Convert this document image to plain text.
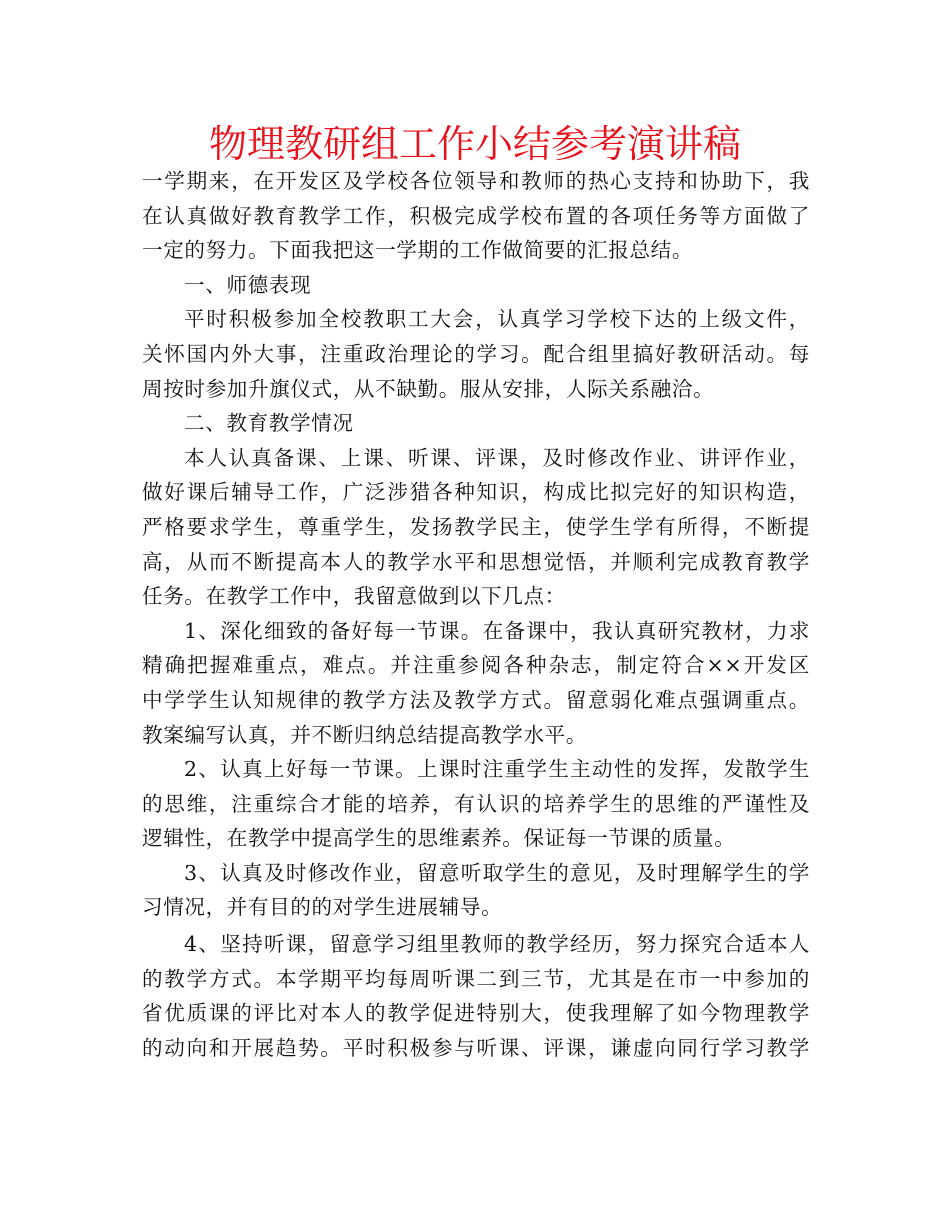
物理教研组工作小结参考演讲稿
一学期来，在开发区及学校各位领导和教师的热心支持和协助下，我
在认真做好教育教学工作，积极完成学校布置的各项任务等方面做了
一定的努力。下面我把这一学期的工作做简要的汇报总结。
一、师德表现
平时积极参加全校教职工大会，认真学习学校下达的上级文件，
关怀国内外大事，注重政治理论的学习。配合组里搞好教研活动。每
周按时参加升旗仪式，从不缺勤。服从安排，人际关系融洽。
二、教育教学情况
本人认真备课、上课、听课、评课，及时修改作业、讲评作业，
做好课后辅导工作，广泛涉猎各种知识，构成比拟完好的知识构造，
严格要求学生，尊重学生，发扬教学民主，使学生学有所得，不断提
高，从而不断提高本人的教学水平和思想觉悟，并顺利完成教育教学
任务。在教学工作中，我留意做到以下几点：
1、深化细致的备好每一节课。在备课中，我认真研究教材，力求
精确把握难重点，难点。并注重参阅各种杂志，制定符合××开发区
中学学生认知规律的教学方法及教学方式。留意弱化难点强调重点。
教案编写认真，并不断归纳总结提高教学水平。
2、认真上好每一节课。上课时注重学生主动性的发挥，发散学生
的思维，注重综合才能的培养，有认识的培养学生的思维的严谨性及
逻辑性，在教学中提高学生的思维素养。保证每一节课的质量。
3、认真及时修改作业，留意听取学生的意见，及时理解学生的学
习情况，并有目的的对学生进展辅导。
4、坚持听课，留意学习组里教师的教学经历，努力探究合适本人
的教学方式。本学期平均每周听课二到三节，尤其是在市一中参加的
省优质课的评比对本人的教学促进特别大，使我理解了如今物理教学
的动向和开展趋势。平时积极参与听课、评课，谦虚向同行学习教学
